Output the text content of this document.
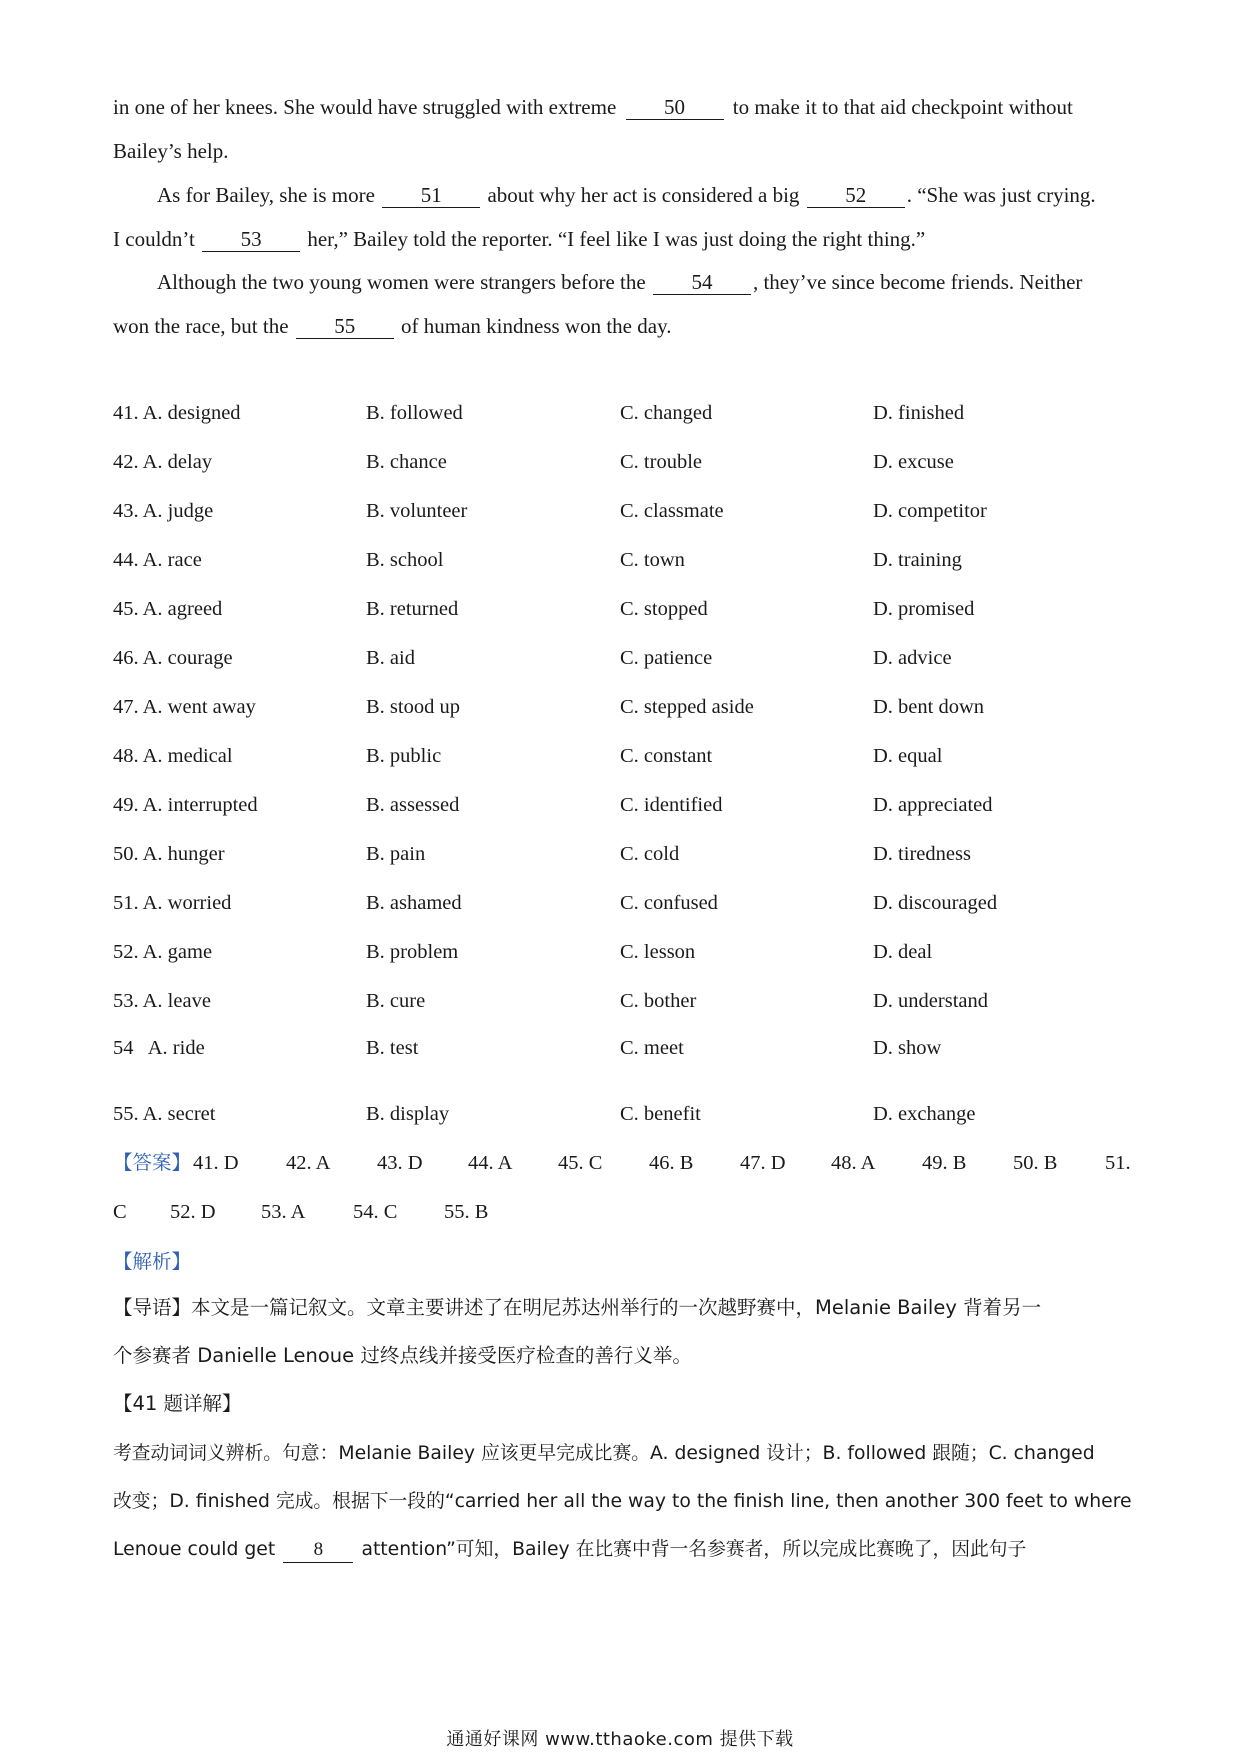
in one of her knees. She would have struggled with extreme 50 to make it to that aid checkpoint without
Bailey’s help.
As for Bailey, she is more 51 about why her act is considered a big 52 . “She was just crying.
I couldn’t 53 her,” Bailey told the reporter. “I feel like I was just doing the right thing.”
Although the two young women were strangers before the 54 , they’ve since become friends. Neither
won the race, but the 55 of human kindness won the day.
41. A. designed	B. followed	C. changed	D. finished
42. A. delay	B. chance	C. trouble	D. excuse
43. A. judge	B. volunteer	C. classmate	D. competitor
44. A. race	B. school	C. town	D. training
45. A. agreed	B. returned	C. stopped	D. promised
46. A. courage	B. aid	C. patience	D. advice
47. A. went away	B. stood up	C. stepped aside	D. bent down
48. A. medical	B. public	C. constant	D. equal
49. A. interrupted	B. assessed	C. identified	D. appreciated
50. A. hunger	B. pain	C. cold	D. tiredness
51. A. worried	B. ashamed	C. confused	D. discouraged
52. A. game	B. problem	C. lesson	D. deal
53. A. leave	B. cure	C. bother	D. understand
54   A. ride	B. test	C. meet	D. show
55. A. secret	B. display	C. benefit	D. exchange
【答案】 41. D 42. A 43. D 44. A 45. C 46. B 47. D 48. A 49. B 50. B 51.
C 52. D 53. A 54. C 55. B
【解析】
【导语】本文是一篇记叙文。文章主要讲述了在明尼苏达州举行的一次越野赛中，Melanie Bailey 背着另一
个参赛者 Danielle Lenoue 过终点线并接受医疗检查的善行义举。
【41 题详解】
考查动词词义辨析。句意：Melanie Bailey 应该更早完成比赛。A. designed 设计；B. followed 跟随；C. changed
改变；D. finished 完成。根据下一段的“carried her all the way to the finish line, then another 300 feet to where
Lenoue could get 8 attention”可知，Bailey 在比赛中背一名参赛者，所以完成比赛晚了，因此句子
通通好课网 www.tthaoke.com 提供下载
